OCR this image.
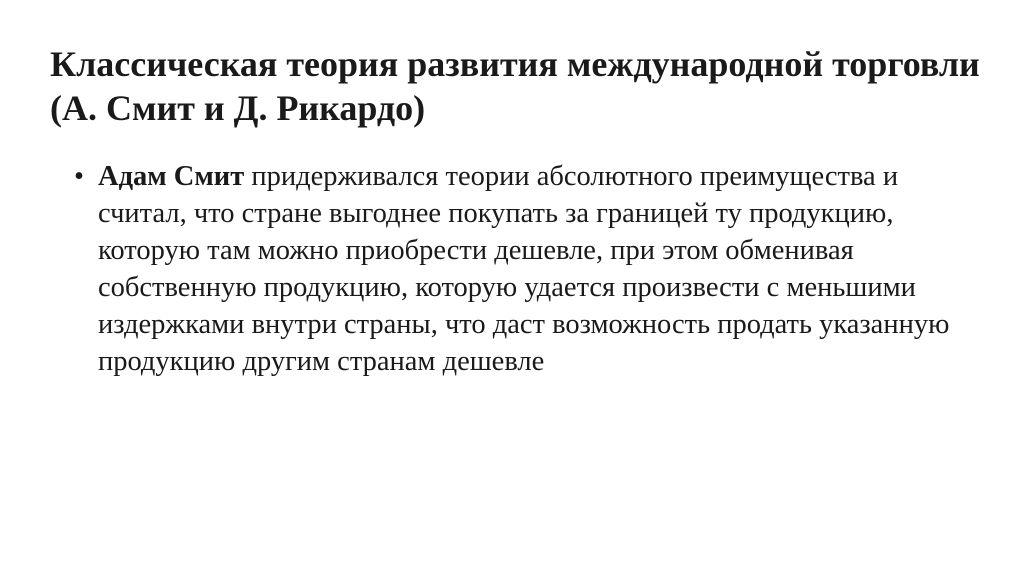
Классическая теория развития международной торговли (А. Смит и Д. Рикардо)
• Адам Смит придерживался теории абсолютного преимущества и считал, что стране выгоднее покупать за границей ту продукцию, которую там можно приобрести дешевле, при этом обменивая собственную продукцию, которую удается произвести с меньшими издержками внутри страны, что даст возможность продать указанную продукцию другим странам дешевле
